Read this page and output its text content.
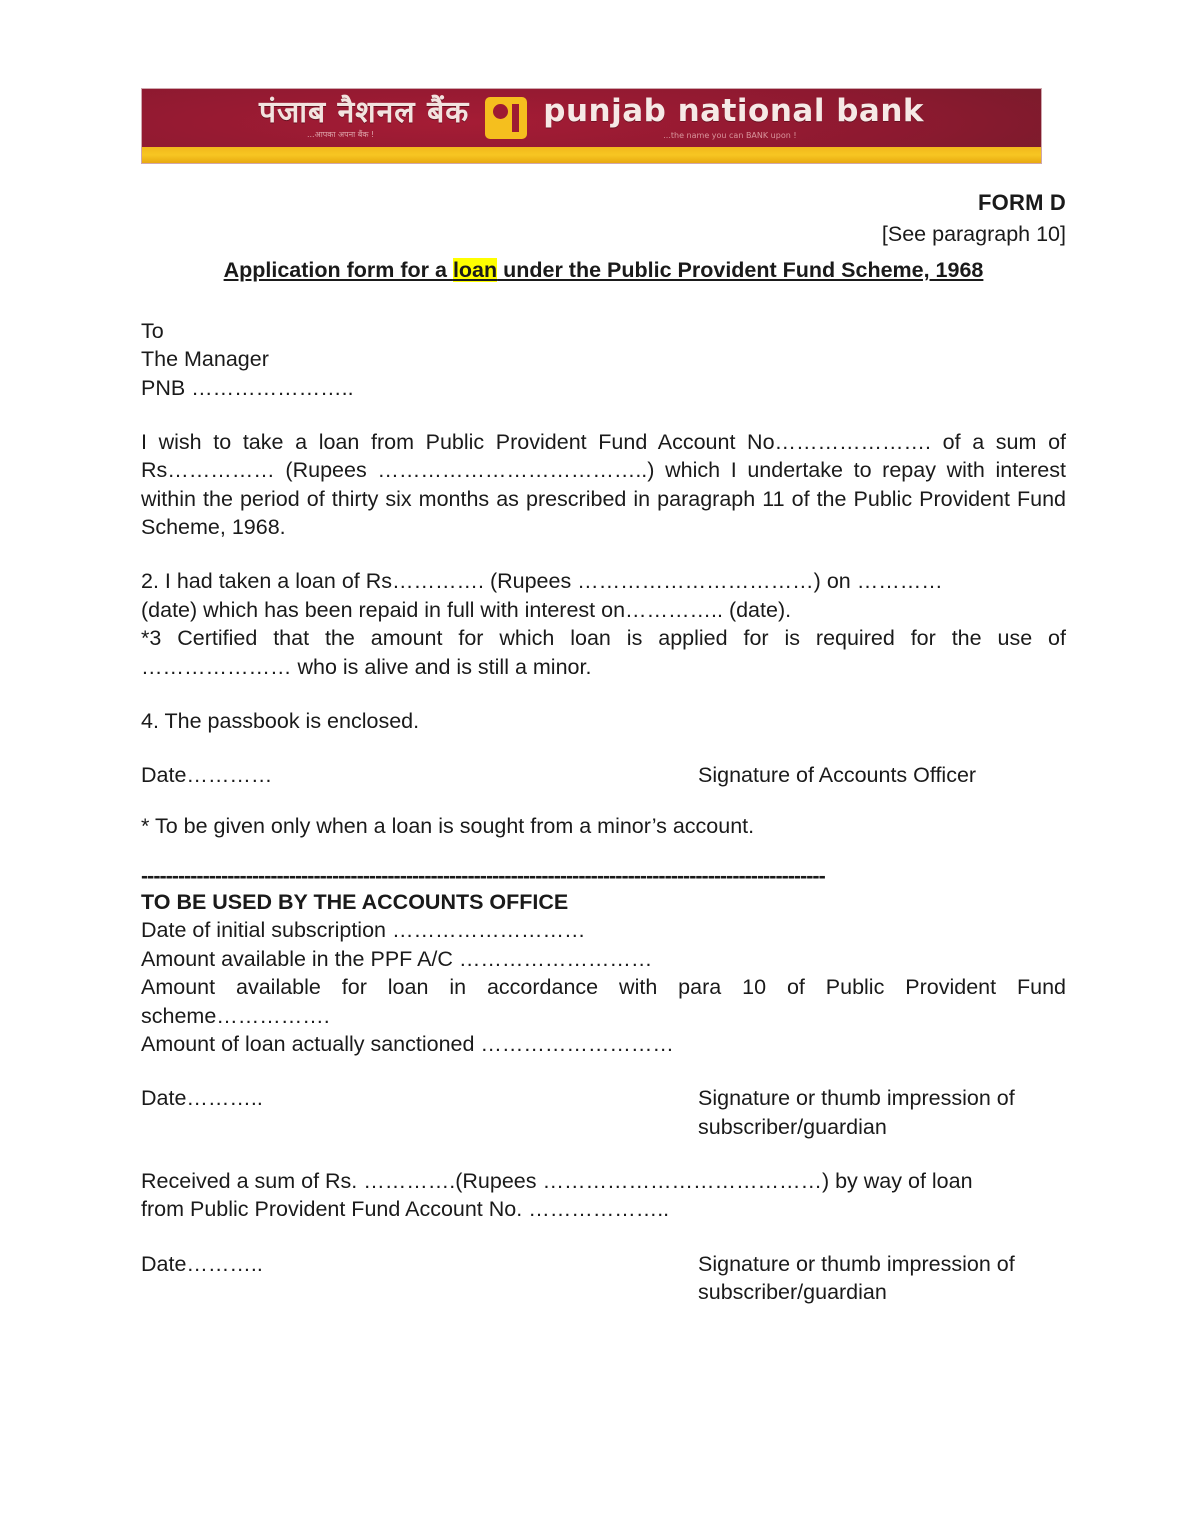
पंजाब नैशनल बैंक
...आपका अपना बैंक !
punjab national bank
...the name you can BANK upon !
FORM D
[See paragraph 10]
Application form for a loan under the Public Provident Fund Scheme, 1968
To
The Manager
PNB …………………..

I wish to take a loan from Public Provident Fund Account No…………………. of a sum of Rs…………… (Rupees ………………………………..) which I undertake to repay with interest within the period of thirty six months as prescribed in paragraph 11 of the Public Provident Fund Scheme, 1968.

2. I had taken a loan of Rs…………. (Rupees ……………………………) on …………

(date) which has been repaid in full with interest on………….. (date).

*3 Certified that the amount for which loan is applied for is required for the use of

………………… who is alive and is still a minor.

4. The passbook is enclosed.

Date…………	Signature of Accounts Officer

* To be given only when a loan is sought from a minor’s account.

---------------------------------------------------------------------------------------------------------------
TO BE USED BY THE ACCOUNTS OFFICE
Date of initial subscription ………………………
Amount available in the PPF A/C ………………………

Amount available for loan in accordance with para 10 of Public Provident Fund scheme…………….

Amount of loan actually sanctioned ………………………
Date………..	Signature or thumb impression of
subscriber/guardian

Received a sum of Rs. ………….(Rupees …………………………………) by way of loan

from Public Provident Fund Account No. ………………..

Date………..	Signature or thumb impression of
subscriber/guardian
